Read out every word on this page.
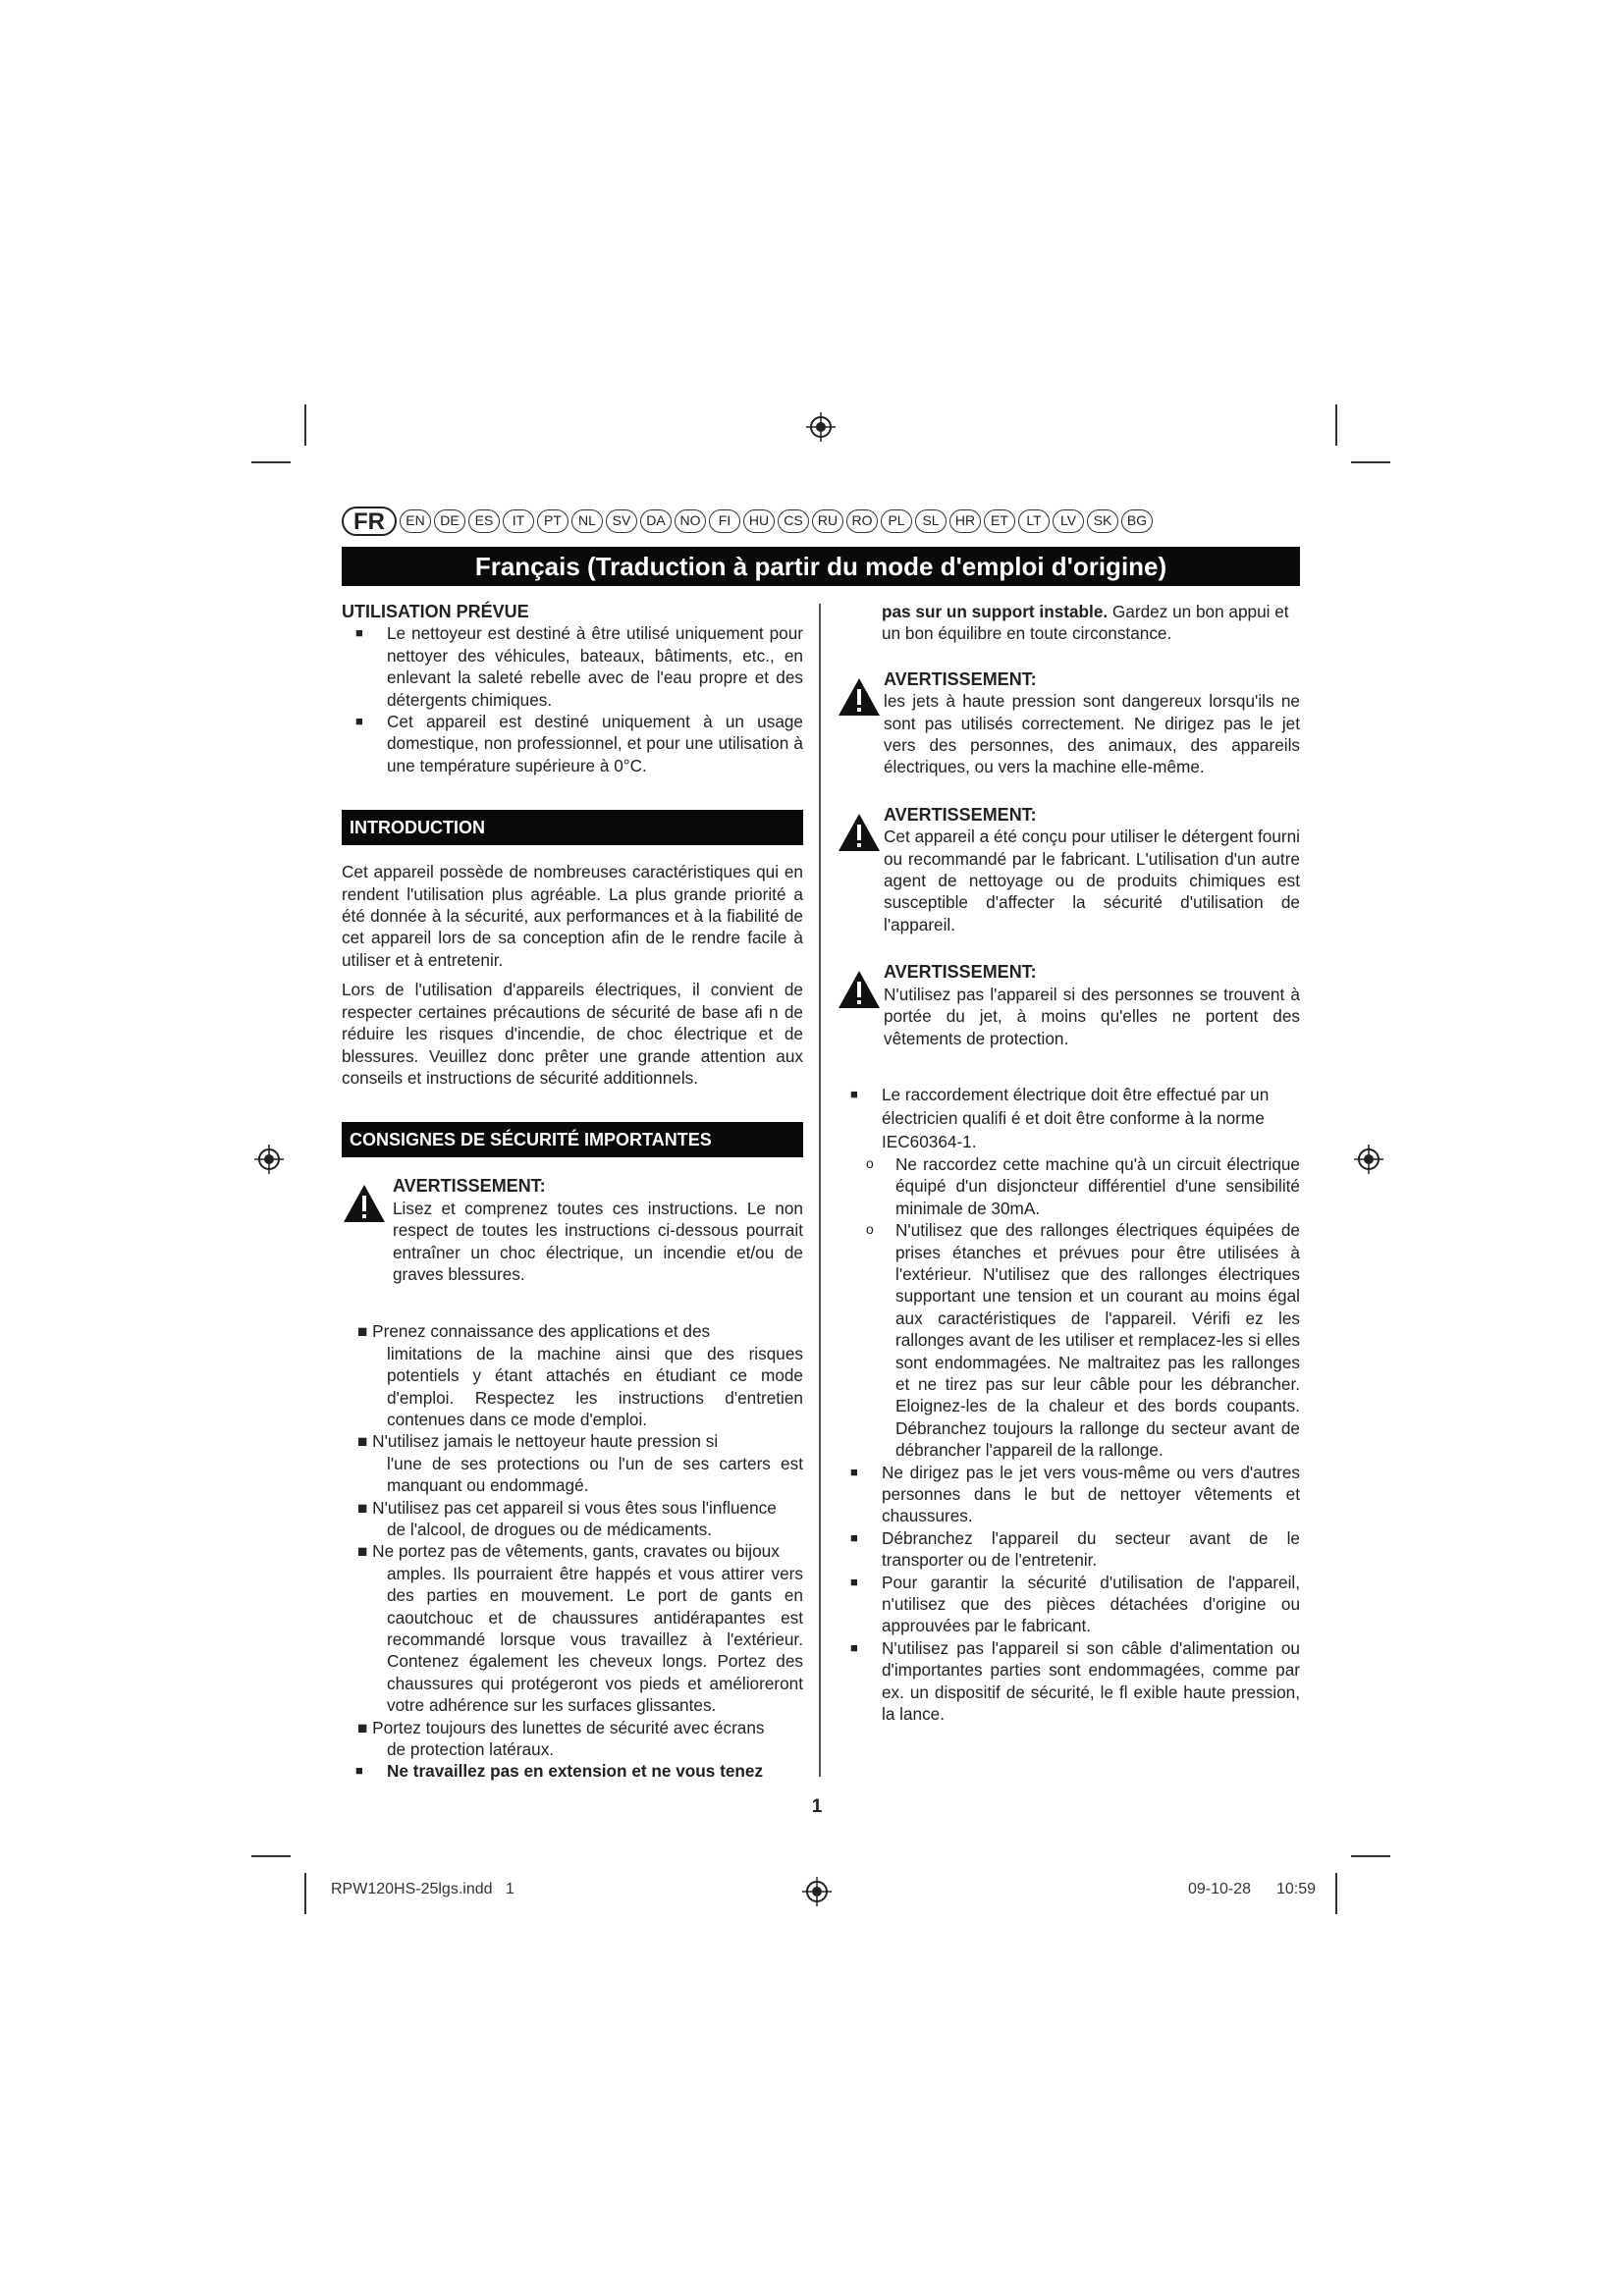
FR	EN	DE	ES	IT	PT	NL	SV	DA	NO	FI	HU	CS	RU	RO	PL	SL	HR	ET	LT	LV	SK	BG
Français (Traduction à partir du mode d'emploi d'origine)

UTILISATION PRÉVUE

■ Le nettoyeur est destiné à être utilisé uniquement pour nettoyer des véhicules, bateaux, bâtiments, etc., en enlevant la saleté rebelle avec de l'eau propre et des détergents chimiques.

■ Cet appareil est destiné uniquement à un usage domestique, non professionnel, et pour une utilisation à une température supérieure à 0°C.

INTRODUCTION

Cet appareil possède de nombreuses caractéristiques qui en rendent l'utilisation plus agréable. La plus grande priorité a été donnée à la sécurité, aux performances et à la fiabilité de cet appareil lors de sa conception afin de le rendre facile à utiliser et à entretenir.

Lors de l'utilisation d'appareils électriques, il convient de respecter certaines précautions de sécurité de base afi n de réduire les risques d'incendie, de choc électrique et de blessures. Veuillez donc prêter une grande attention aux conseils et instructions de sécurité additionnels.

CONSIGNES DE SÉCURITÉ IMPORTANTES
AVERTISSEMENT:

Lisez et comprenez toutes ces instructions. Le non respect de toutes les instructions ci-dessous pourrait entraîner un choc électrique, un incendie et/ou de graves blessures.

■ Prenez connaissance des applications et des
limitations de la machine ainsi que des risques potentiels y étant attachés en étudiant ce mode d'emploi. Respectez les instructions d'entretien contenues dans ce mode d'emploi.

■ N'utilisez jamais le nettoyeur haute pression si
l'une de ses protections ou l'un de ses carters est manquant ou endommagé.

■ N'utilisez pas cet appareil si vous êtes sous l'influence
de l'alcool, de drogues ou de médicaments.

■ Ne portez pas de vêtements, gants, cravates ou bijoux
amples. Ils pourraient être happés et vous attirer vers des parties en mouvement. Le port de gants en caoutchouc et de chaussures antidérapantes est recommandé lorsque vous travaillez à l'extérieur. Contenez également les cheveux longs. Portez des chaussures qui protégeront vos pieds et amélioreront votre adhérence sur les surfaces glissantes.

■ Portez toujours des lunettes de sécurité avec écrans
de protection latéraux.

■ Ne travaillez pas en extension et ne vous tenez

pas sur un support instable. Gardez un bon appui et un bon équilibre en toute circonstance.

AVERTISSEMENT:

les jets à haute pression sont dangereux lorsqu'ils ne sont pas utilisés correctement. Ne dirigez pas le jet vers des personnes, des animaux, des appareils électriques, ou vers la machine elle-même.

AVERTISSEMENT:

Cet appareil a été conçu pour utiliser le détergent fourni ou recommandé par le fabricant. L'utilisation d'un autre agent de nettoyage ou de produits chimiques est susceptible d'affecter la sécurité d'utilisation de l'appareil.

AVERTISSEMENT:

N'utilisez pas l'appareil si des personnes se trouvent à portée du jet, à moins qu'elles ne portent des vêtements de protection.

■ Le raccordement électrique doit être effectué par un électricien qualifi é et doit être conforme à la norme IEC60364-1.

o Ne raccordez cette machine qu'à un circuit électrique équipé d'un disjoncteur différentiel d'une sensibilité minimale de 30mA.

o N'utilisez que des rallonges électriques équipées de prises étanches et prévues pour être utilisées à l'extérieur. N'utilisez que des rallonges électriques supportant une tension et un courant au moins égal aux caractéristiques de l'appareil. Vérifi ez les rallonges avant de les utiliser et remplacez-les si elles sont endommagées. Ne maltraitez pas les rallonges et ne tirez pas sur leur câble pour les débrancher. Eloignez-les de la chaleur et des bords coupants. Débranchez toujours la rallonge du secteur avant de débrancher l'appareil de la rallonge.

■ Ne dirigez pas le jet vers vous-même ou vers d'autres personnes dans le but de nettoyer vêtements et chaussures.

■ Débranchez l'appareil du secteur avant de le transporter ou de l'entretenir.

■ Pour garantir la sécurité d'utilisation de l'appareil, n'utilisez que des pièces détachées d'origine ou approuvées par le fabricant.

■ N'utilisez pas l'appareil si son câble d'alimentation ou d'importantes parties sont endommagées, comme par ex. un dispositif de sécurité, le fl exible haute pression, la lance.

1
RPW120HS-25lgs.indd   1	09-10-28 10:59
